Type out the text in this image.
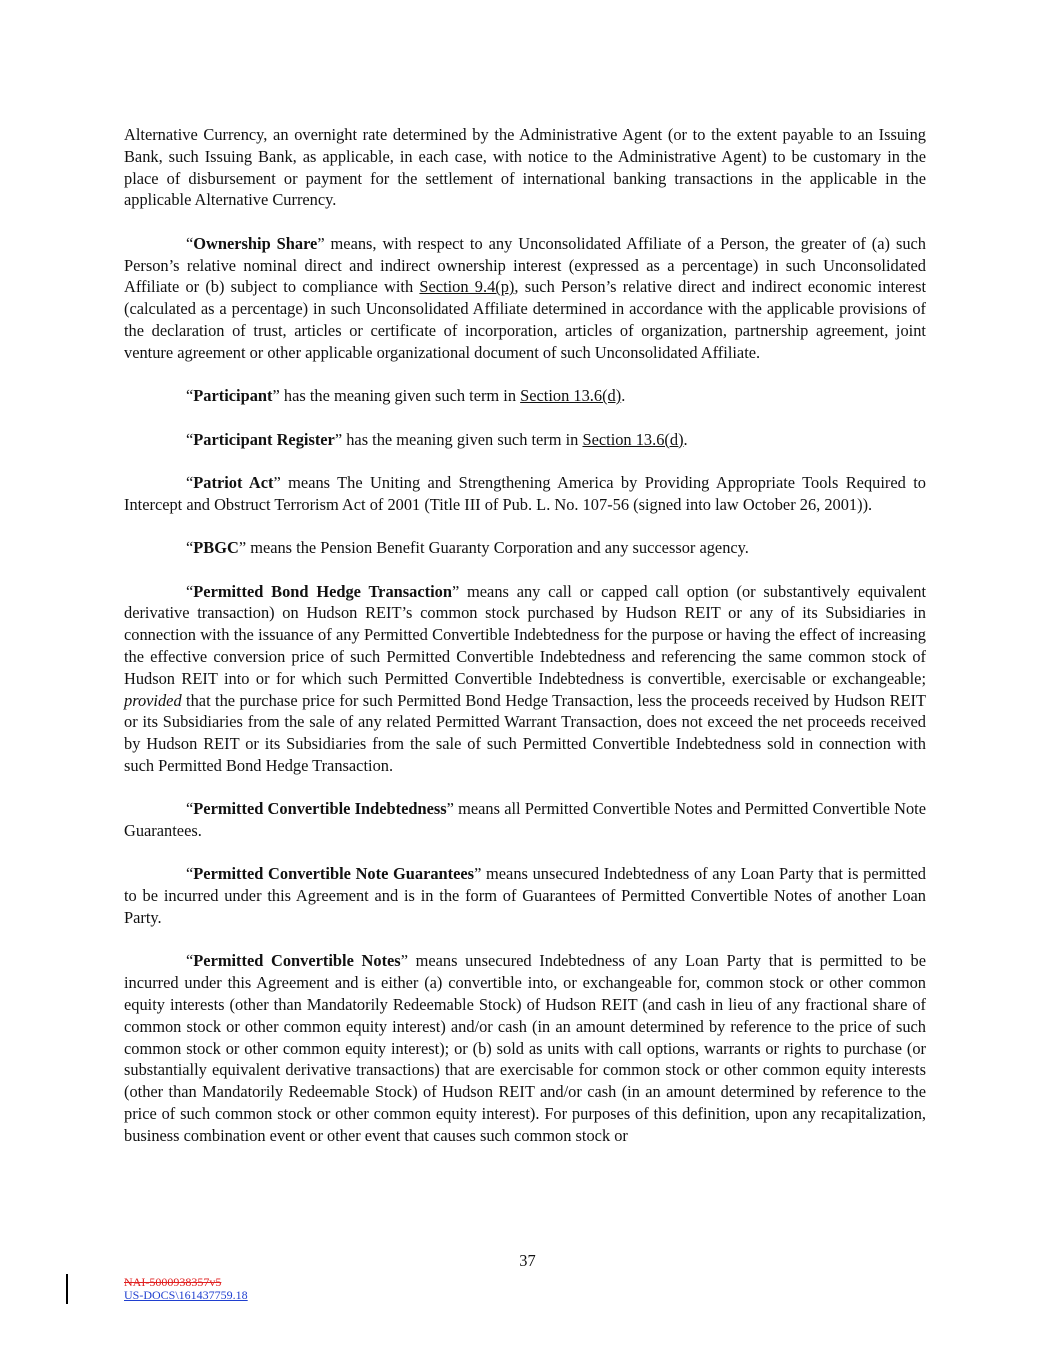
Alternative Currency, an overnight rate determined by the Administrative Agent (or to the extent payable to an Issuing Bank, such Issuing Bank, as applicable, in each case, with notice to the Administrative Agent) to be customary in the place of disbursement or payment for the settlement of international banking transactions in the applicable in the applicable Alternative Currency.

“Ownership Share” means, with respect to any Unconsolidated Affiliate of a Person, the greater of (a) such Person’s relative nominal direct and indirect ownership interest (expressed as a percentage) in such Unconsolidated Affiliate or (b) subject to compliance with Section 9.4(p), such Person’s relative direct and indirect economic interest (calculated as a percentage) in such Unconsolidated Affiliate determined in accordance with the applicable provisions of the declaration of trust, articles or certificate of incorporation, articles of organization, partnership agreement, joint venture agreement or other applicable organizational document of such Unconsolidated Affiliate.

“Participant” has the meaning given such term in Section 13.6(d).

“Participant Register” has the meaning given such term in Section 13.6(d).

“Patriot Act” means The Uniting and Strengthening America by Providing Appropriate Tools Required to Intercept and Obstruct Terrorism Act of 2001 (Title III of Pub. L. No. 107-56 (signed into law October 26, 2001)).

“PBGC” means the Pension Benefit Guaranty Corporation and any successor agency.

“Permitted Bond Hedge Transaction” means any call or capped call option (or substantively equivalent derivative transaction) on Hudson REIT’s common stock purchased by Hudson REIT or any of its Subsidiaries in connection with the issuance of any Permitted Convertible Indebtedness for the purpose or having the effect of increasing the effective conversion price of such Permitted Convertible Indebtedness and referencing the same common stock of Hudson REIT into or for which such Permitted Convertible Indebtedness is convertible, exercisable or exchangeable; provided that the purchase price for such Permitted Bond Hedge Transaction, less the proceeds received by Hudson REIT or its Subsidiaries from the sale of any related Permitted Warrant Transaction, does not exceed the net proceeds received by Hudson REIT or its Subsidiaries from the sale of such Permitted Convertible Indebtedness sold in connection with such Permitted Bond Hedge Transaction.

“Permitted Convertible Indebtedness” means all Permitted Convertible Notes and Permitted Convertible Note Guarantees.

“Permitted Convertible Note Guarantees” means unsecured Indebtedness of any Loan Party that is permitted to be incurred under this Agreement and is in the form of Guarantees of Permitted Convertible Notes of another Loan Party.

“Permitted Convertible Notes” means unsecured Indebtedness of any Loan Party that is permitted to be incurred under this Agreement and is either (a) convertible into, or exchangeable for, common stock or other common equity interests (other than Mandatorily Redeemable Stock) of Hudson REIT (and cash in lieu of any fractional share of common stock or other common equity interest) and/or cash (in an amount determined by reference to the price of such common stock or other common equity interest); or (b) sold as units with call options, warrants or rights to purchase (or substantially equivalent derivative transactions) that are exercisable for common stock or other common equity interests (other than Mandatorily Redeemable Stock) of Hudson REIT and/or cash (in an amount determined by reference to the price of such common stock or other common equity interest). For purposes of this definition, upon any recapitalization, business combination event or other event that causes such common stock or

37
NAI-5000938357v5
US-DOCS\161437759.18
